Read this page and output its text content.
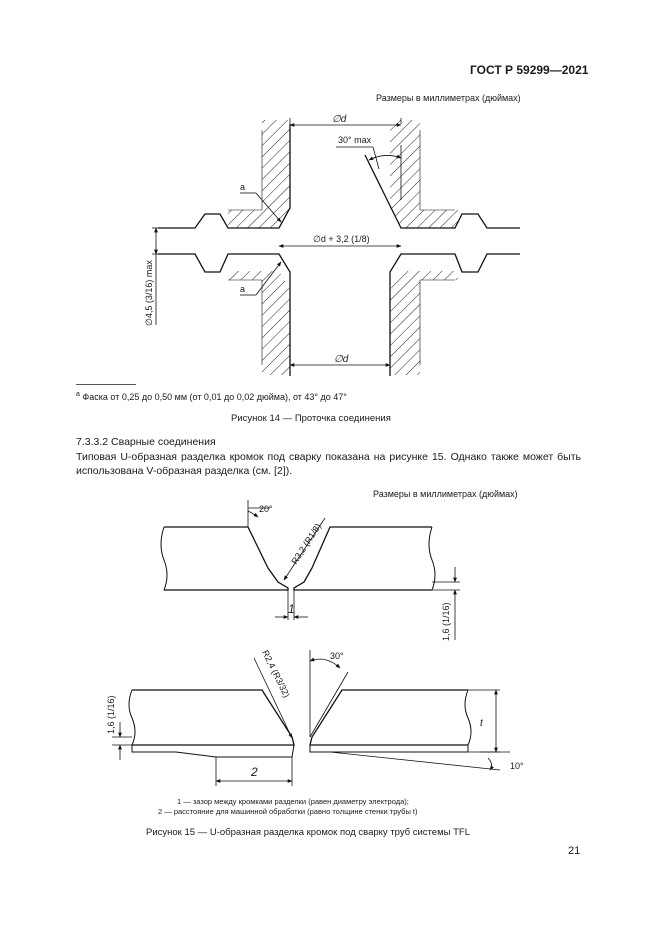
ГОСТ Р 59299—2021
Размеры в миллиметрах (дюймах)
∅d
30° max
a
a
∅d + 3,2 (1/8)
∅d
∅4,5 (3/16) max
$^a$ Фаска от 0,25 до 0,50 мм (от 0,01 до 0,02 дюйма), от 43° до 47°
Рисунок 14 — Проточка соединения
7.3.3.2 Сварные соединения

Типовая U-образная разделка кромок под сварку показана на рисунке 15. Однако также может быть использована V-образная разделка (см. [2]).

Размеры в миллиметрах (дюймах)
20°
R3,2 (R1/8)
1	1,6 (1/16)
R2,4 (R3/32)	30°
1,6 (1/16)	t
2	10°
1 — зазор между кромками разделки (равен диаметру электрода);
2 — расстояние для машинной обработки (равно толщине стенки трубы t)
Рисунок 15 — U-образная разделка кромок под сварку труб системы TFL
21
